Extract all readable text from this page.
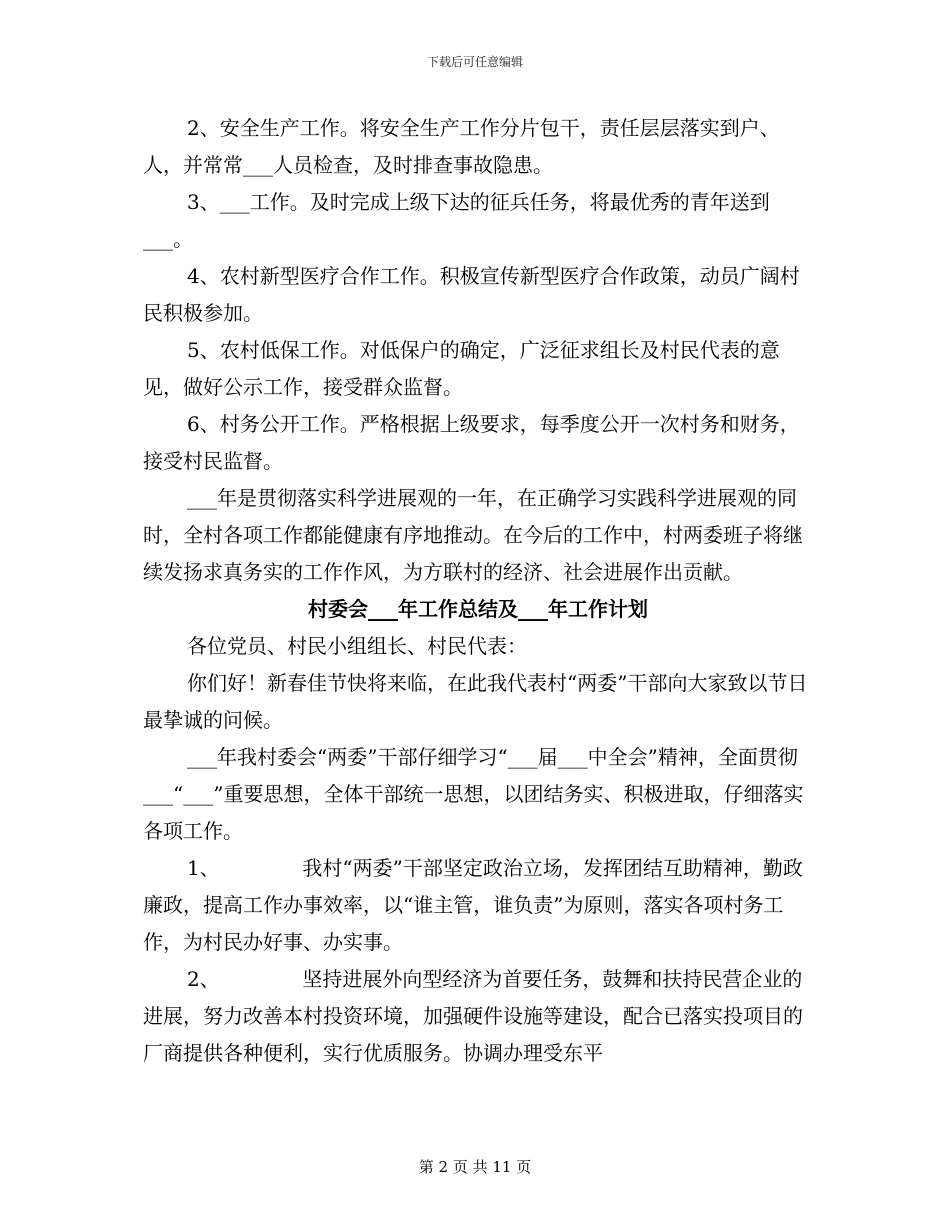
下载后可任意编辑

2、安全生产工作。将安全生产工作分片包干，责任层层落实到户、人，并常常___人员检查，及时排查事故隐患。

3、___工作。及时完成上级下达的征兵任务，将最优秀的青年送到___。

4、农村新型医疗合作工作。积极宣传新型医疗合作政策，动员广阔村民积极参加。

5、农村低保工作。对低保户的确定，广泛征求组长及村民代表的意见，做好公示工作，接受群众监督。

6、村务公开工作。严格根据上级要求，每季度公开一次村务和财务，接受村民监督。

___年是贯彻落实科学进展观的一年，在正确学习实践科学进展观的同时，全村各项工作都能健康有序地推动。在今后的工作中，村两委班子将继续发扬求真务实的工作作风，为方联村的经济、社会进展作出贡献。

村委会___年工作总结及___年工作计划

各位党员、村民小组组长、村民代表：

你们好！新春佳节快将来临，在此我代表村“两委”干部向大家致以节日最挚诚的问候。

___年我村委会“两委”干部仔细学习“___届___中全会”精神，全面贯彻___“___”重要思想，全体干部统一思想，以团结务实、积极进取，仔细落实各项工作。

1、             我村“两委”干部坚定政治立场，发挥团结互助精神，勤政廉政，提高工作办事效率，以“谁主管，谁负责”为原则，落实各项村务工作，为村民办好事、办实事。

2、             坚持进展外向型经济为首要任务，鼓舞和扶持民营企业的进展，努力改善本村投资环境，加强硬件设施等建设，配合已落实投项目的厂商提供各种便利，实行优质服务。协调办理受东平

第 2 页 共 11 页
